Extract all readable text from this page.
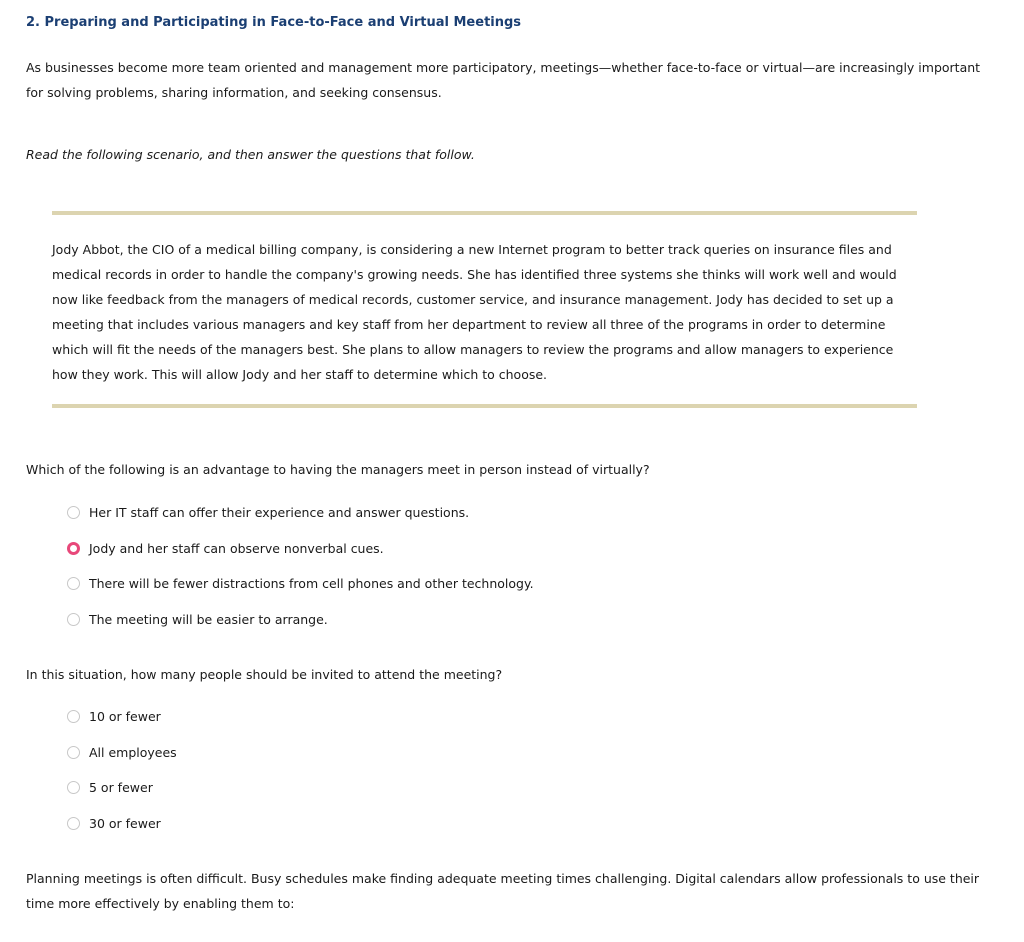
2. Preparing and Participating in Face-to-Face and Virtual Meetings

As businesses become more team oriented and management more participatory, meetings—whether face-to-face or virtual—are increasingly important for solving problems, sharing information, and seeking consensus.

Read the following scenario, and then answer the questions that follow.

Jody Abbot, the CIO of a medical billing company, is considering a new Internet program to better track queries on insurance files and medical records in order to handle the company's growing needs. She has identified three systems she thinks will work well and would now like feedback from the managers of medical records, customer service, and insurance management. Jody has decided to set up a meeting that includes various managers and key staff from her department to review all three of the programs in order to determine which will fit the needs of the managers best. She plans to allow managers to review the programs and allow managers to experience how they work. This will allow Jody and her staff to determine which to choose.

Which of the following is an advantage to having the managers meet in person instead of virtually?

Her IT staff can offer their experience and answer questions.
Jody and her staff can observe nonverbal cues.
There will be fewer distractions from cell phones and other technology.
The meeting will be easier to arrange.

In this situation, how many people should be invited to attend the meeting?

10 or fewer
All employees
5 or fewer
30 or fewer

Planning meetings is often difficult. Busy schedules make finding adequate meeting times challenging. Digital calendars allow professionals to use their time more effectively by enabling them to:
